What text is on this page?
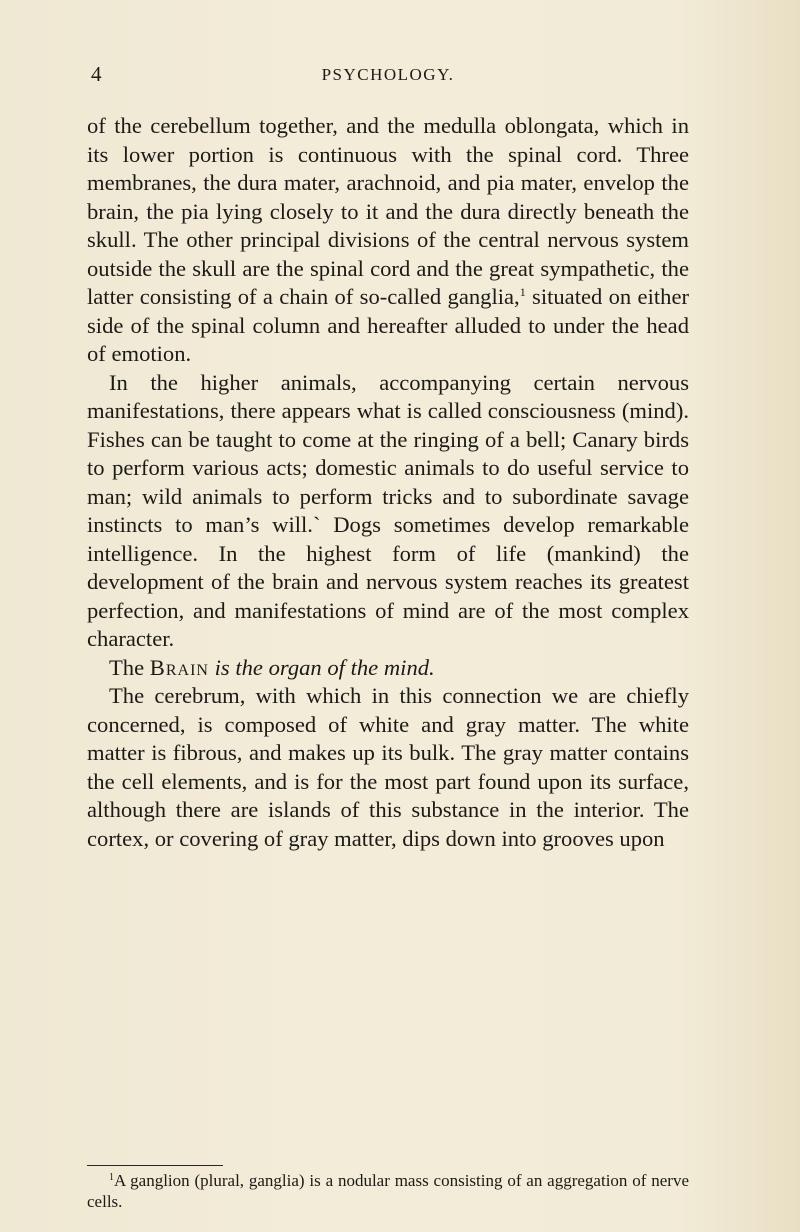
4	PSYCHOLOGY.

of the cerebellum together, and the medulla oblongata, which in its lower portion is continuous with the spinal cord. Three membranes, the dura mater, arachnoid, and pia mater, envelop the brain, the pia lying closely to it and the dura directly beneath the skull. The other principal divisions of the central nervous system outside the skull are the spinal cord and the great sympathetic, the latter consisting of a chain of so-called ganglia,$^1$ situated on either side of the spinal column and hereafter alluded to under the head of emotion.

In the higher animals, accompanying certain nervous manifestations, there appears what is called consciousness (mind). Fishes can be taught to come at the ringing of a bell; Canary birds to perform various acts; domestic animals to do useful service to man; wild animals to perform tricks and to subordinate savage instincts to man’s will.` Dogs sometimes develop remarkable intelligence. In the highest form of life (mankind) the development of the brain and nervous system reaches its greatest perfection, and manifestations of mind are of the most complex character.

The Brain is the organ of the mind.

The cerebrum, with which in this connection we are chiefly concerned, is composed of white and gray matter. The white matter is fibrous, and makes up its bulk. The gray matter contains the cell elements, and is for the most part found upon its surface, although there are islands of this substance in the interior. The cortex, or covering of gray matter, dips down into grooves upon

$^1$A ganglion (plural, ganglia) is a nodular mass consisting of an aggregation of nerve cells.
